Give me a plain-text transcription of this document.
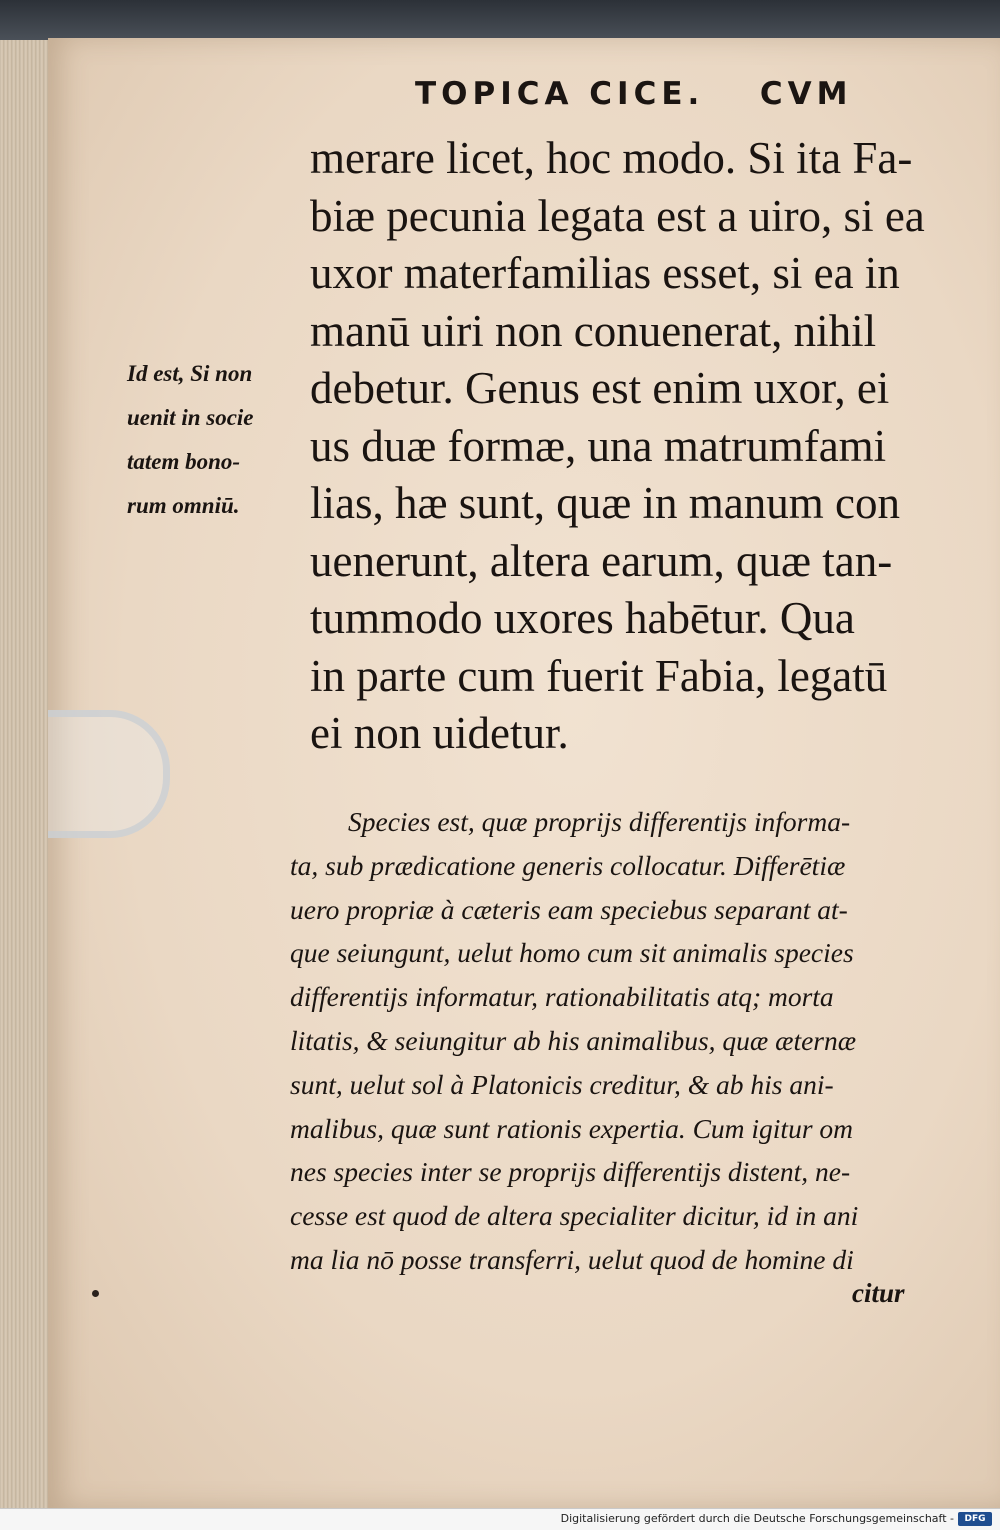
TOPICA CICE. CVM
merare licet, hoc modo. Si ita Fa-
biæ pecunia legata est a uiro, si ea
uxor materfamilias esset, si ea in
manū uiri non conuenerat, nihil
debetur. Genus est enim uxor, ei
us duæ formæ, una matrumfami
lias, hæ sunt, quæ in manum con
uenerunt, altera earum, quæ tan-
tummodo uxores habētur. Qua
in parte cum fuerit Fabia, legatū
ei non uidetur.
Id est, Si non
uenit in socie
tatem bono-
rum omniū.
Species est, quæ proprijs differentijs informa-
ta, sub prædicatione generis collocatur. Differētiæ
uero propriæ à cæteris eam speciebus separant at-
que seiungunt, uelut homo cum sit animalis species
differentijs informatur, rationabilitatis atq; morta
litatis, & seiungitur ab his animalibus, quæ æternæ
sunt, uelut sol à Platonicis creditur, & ab his ani-
malibus, quæ sunt rationis expertia. Cum igitur om
nes species inter se proprijs differentijs distent, ne-
cesse est quod de altera specialiter dicitur, id in ani
ma lia nō posse transferri, uelut quod de homine di
citur
Digitalisierung gefördert durch die Deutsche Forschungsgemeinschaft -	DFG
